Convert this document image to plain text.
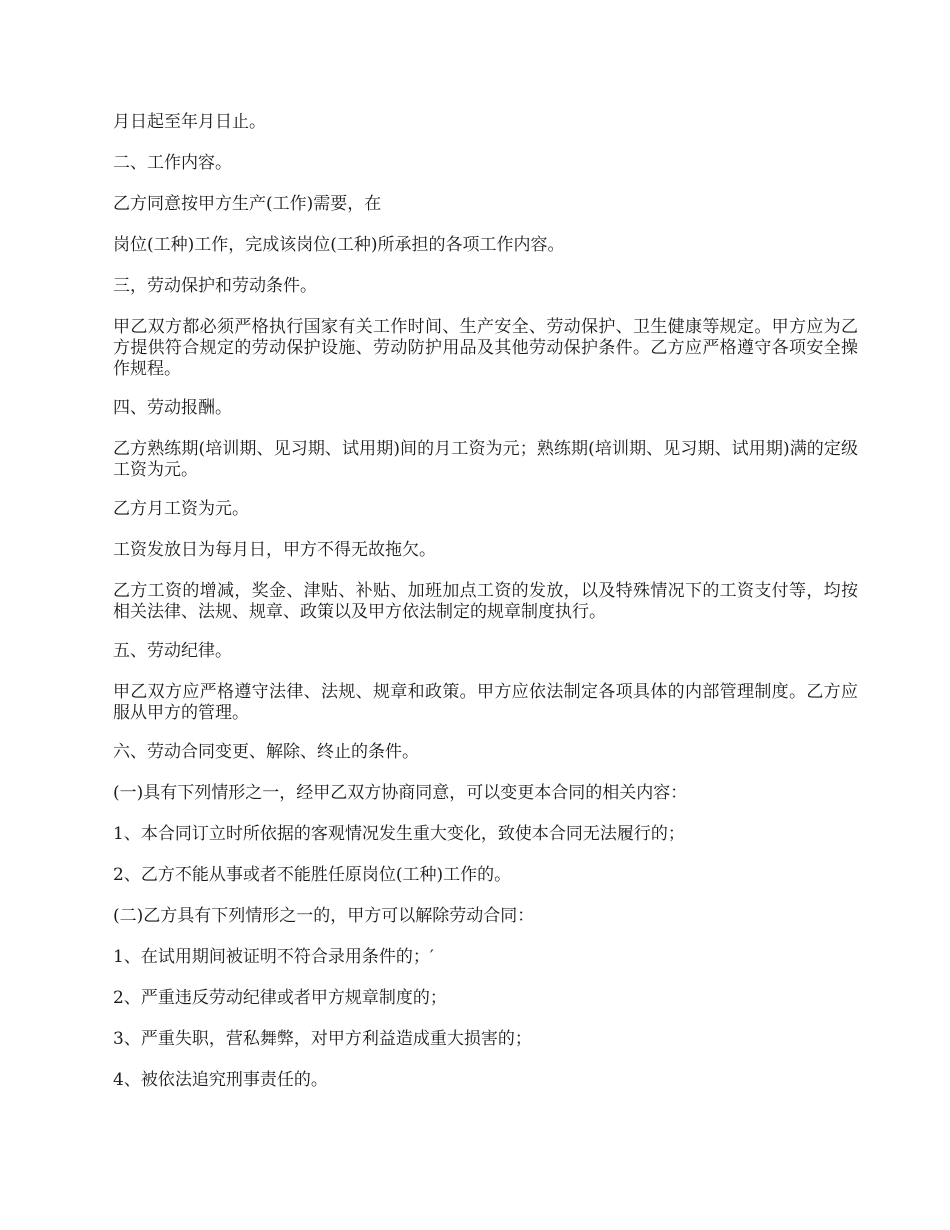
月日起至年月日止。

二、工作内容。

乙方同意按甲方生产(工作)需要，在

岗位(工种)工作，完成该岗位(工种)所承担的各项工作内容。

三，劳动保护和劳动条件。

甲乙双方都必须严格执行国家有关工作时间、生产安全、劳动保护、卫生健康等规定。甲方应为乙方提供符合规定的劳动保护设施、劳动防护用品及其他劳动保护条件。乙方应严格遵守各项安全操作规程。

四、劳动报酬。

乙方熟练期(培训期、见习期、试用期)间的月工资为元；熟练期(培训期、见习期、试用期)满的定级工资为元。

乙方月工资为元。

工资发放日为每月日，甲方不得无故拖欠。

乙方工资的增减，奖金、津贴、补贴、加班加点工资的发放，以及特殊情况下的工资支付等，均按相关法律、法规、规章、政策以及甲方依法制定的规章制度执行。

五、劳动纪律。

甲乙双方应严格遵守法律、法规、规章和政策。甲方应依法制定各项具体的内部管理制度。乙方应服从甲方的管理。

六、劳动合同变更、解除、终止的条件。

(一)具有下列情形之一，经甲乙双方协商同意，可以变更本合同的相关内容：

1、本合同订立时所依据的客观情况发生重大变化，致使本合同无法履行的；

2、乙方不能从事或者不能胜任原岗位(工种)工作的。

(二)乙方具有下列情形之一的，甲方可以解除劳动合同：

1、在试用期间被证明不符合录用条件的；′

2、严重违反劳动纪律或者甲方规章制度的；

3、严重失职，营私舞弊，对甲方利益造成重大损害的；

4、被依法追究刑事责任的。
